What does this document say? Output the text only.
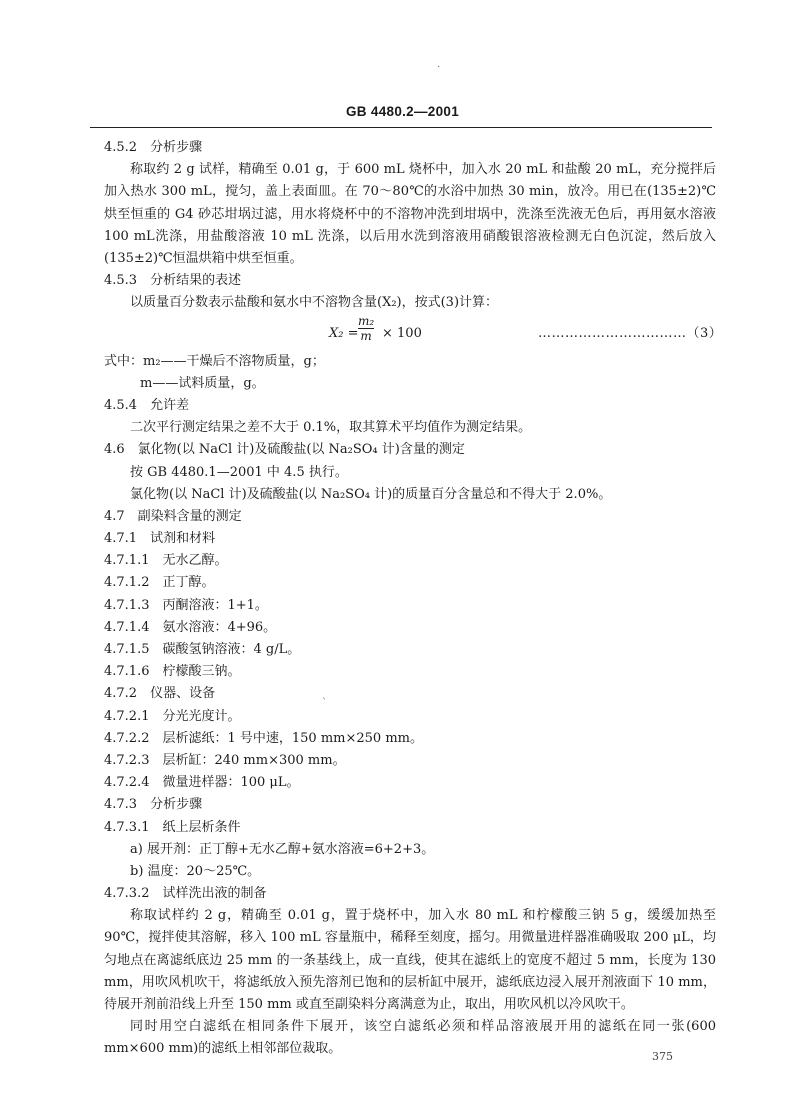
·
GB 4480.2—2001
4.5.2　分析步骤
称取约 2 g 试样，精确至 0.01 g，于 600 mL 烧杯中，加入水 20 mL 和盐酸 20 mL，充分搅拌后加入热水 300 mL，搅匀，盖上表面皿。在 70～80℃的水浴中加热 30 min，放冷。用已在(135±2)℃烘至恒重的 G4 砂芯坩埚过滤，用水将烧杯中的不溶物冲洗到坩埚中，洗涤至洗液无色后，再用氨水溶液 100 mL洗涤，用盐酸溶液 10 mL 洗涤，以后用水洗到溶液用硝酸银溶液检测无白色沉淀，然后放入(135±2)℃恒温烘箱中烘至恒重。
4.5.3　分析结果的表述
以质量百分数表示盐酸和氨水中不溶物含量(X₂)，按式(3)计算：
$X_2 = \frac{\text{m₂}}{m} \times 100$	……………………………（3）
式中：m₂——干燥后不溶物质量，g；
m——试料质量，g。
4.5.4　允许差
二次平行测定结果之差不大于 0.1%，取其算术平均值作为测定结果。
4.6　氯化物(以 NaCl 计)及硫酸盐(以 Na₂SO₄ 计)含量的测定
按 GB 4480.1—2001 中 4.5 执行。
氯化物(以 NaCl 计)及硫酸盐(以 Na₂SO₄ 计)的质量百分含量总和不得大于 2.0%。
4.7　副染料含量的测定
4.7.1　试剂和材料
4.7.1.1　无水乙醇。
4.7.1.2　正丁醇。
4.7.1.3　丙酮溶液：1+1。
4.7.1.4　氨水溶液：4+96。
4.7.1.5　碳酸氢钠溶液：4 g/L。
4.7.1.6　柠檬酸三钠。
4.7.2　仪器、设备
4.7.2.1　分光光度计。
4.7.2.2　层析滤纸：1 号中速，150 mm×250 mm。
4.7.2.3　层析缸：240 mm×300 mm。
4.7.2.4　微量进样器：100 μL。
4.7.3　分析步骤
4.7.3.1　纸上层析条件
a) 展开剂：正丁醇+无水乙醇+氨水溶液=6+2+3。
b) 温度：20～25℃。
4.7.3.2　试样洗出液的制备
称取试样约 2 g，精确至 0.01 g，置于烧杯中，加入水 80 mL 和柠檬酸三钠 5 g，缓缓加热至 90℃，搅拌使其溶解，移入 100 mL 容量瓶中，稀释至刻度，摇匀。用微量进样器准确吸取 200 μL，均匀地点在离滤纸底边 25 mm 的一条基线上，成一直线，使其在滤纸上的宽度不超过 5 mm，长度为 130 mm，用吹风机吹干，将滤纸放入预先溶剂已饱和的层析缸中展开，滤纸底边浸入展开剂液面下 10 mm，待展开剂前沿线上升至 150 mm 或直至副染料分离满意为止，取出，用吹风机以冷风吹干。
同时用空白滤纸在相同条件下展开，该空白滤纸必须和样品溶液展开用的滤纸在同一张(600 mm×600 mm)的滤纸上相邻部位裁取。
ˋ
375
